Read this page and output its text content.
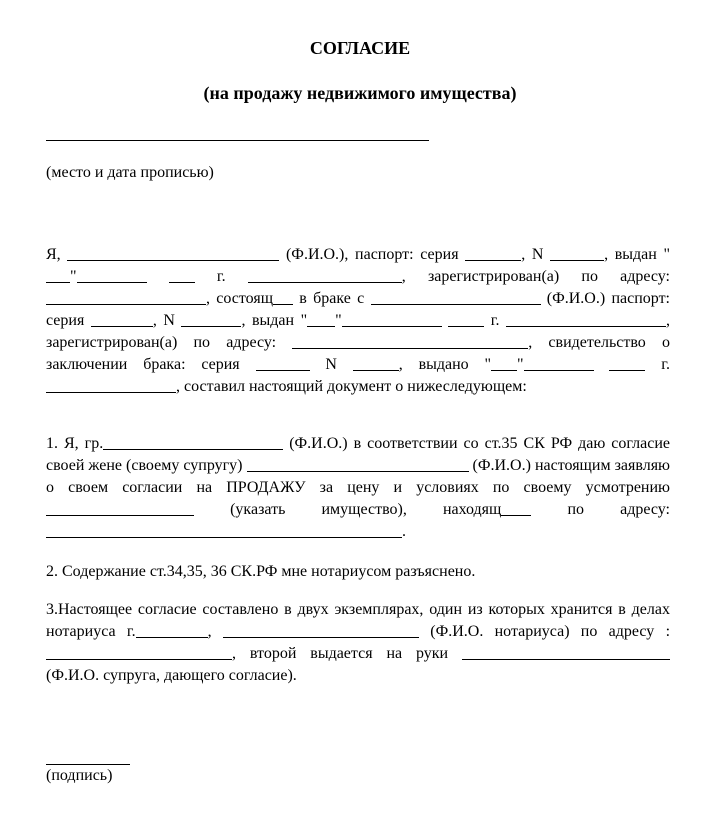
СОГЛАСИЕ
(на продажу недвижимого имущества)
(место и дата прописью)

Я,	(Ф.И.О.), паспорт: серия	, N	, выдан ""	г.	, зарегистрирован(а) по адресу: , состоящ в браке с	(Ф.И.О.) паспорт: серия	, N	, выдан " "	г.	, зарегистрирован(а) по адресу:	, свидетельство о заключении брака: серия	N	, выдано " "	г. , составил настоящий документ о нижеследующем:

1. Я, гр.	(Ф.И.О.) в соответствии со ст.35 СК РФ даю согласие своей жене (своему супругу)	(Ф.И.О.) настоящим заявляю о своем согласии на ПРОДАЖУ за цену и условиях по своему усмотрению (указать имущество), находящ по адресу: .

2. Содержание ст.34,35, 36 СК.РФ мне нотариусом разъяснено.

3.Настоящее согласие составлено в двух экземплярах, один из которых хранится в делах нотариуса г.	,	(Ф.И.О. нотариуса) по адресу : , второй выдается на руки  (Ф.И.О. супруга, дающего согласие).

(подпись)
